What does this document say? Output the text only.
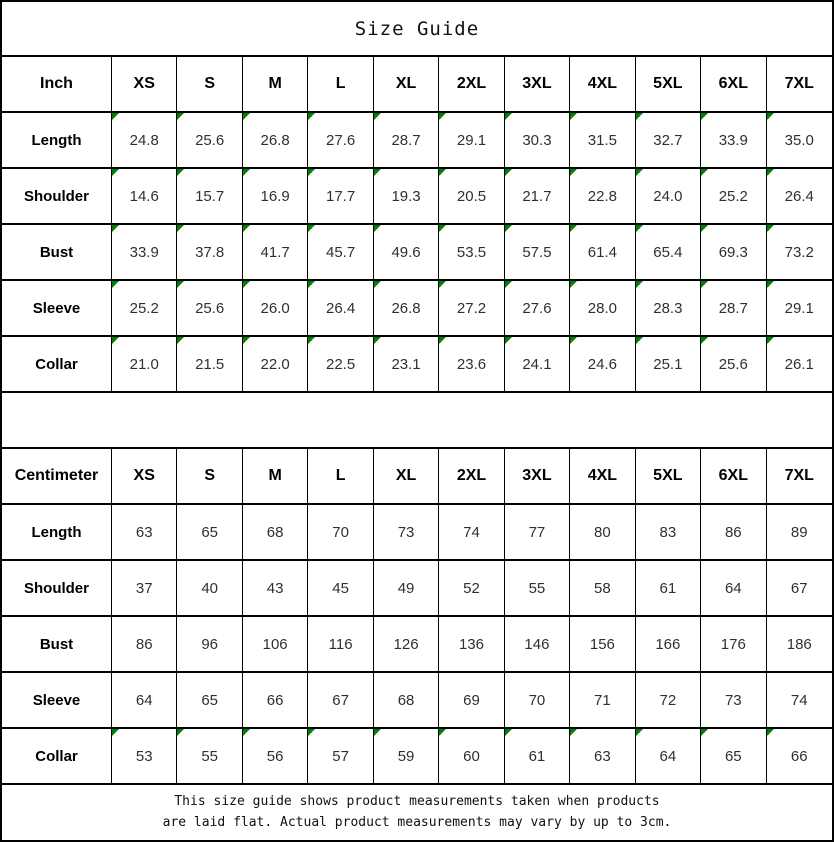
Size Guide
Inch	XS	S	M	L	XL	2XL 3XL 4XL 5XL 6XL 7XL
Length	24.8 25.6 26.8 27.6 28.7 29.1 30.3 31.5 32.7 33.9 35.0
Shoulder	14.6 15.7 16.9 17.7 19.3 20.5 21.7 22.8 24.0 25.2 26.4
Bust	33.9 37.8 41.7 45.7 49.6 53.5 57.5 61.4 65.4 69.3 73.2
Sleeve	25.2 25.6 26.0 26.4 26.8 27.2 27.6 28.0 28.3 28.7 29.1
Collar	21.0 21.5 22.0 22.5 23.1 23.6 24.1 24.6 25.1 25.6 26.1
Centimeter XS	S	M	L	XL	2XL 3XL 4XL 5XL 6XL 7XL
Length	63	65	68	70	73	74	77	80	83	86	89
Shoulder	37	40	43	45	49	52	55	58	61	64	67
Bust	86	96	106	116	126	136	146	156	166	176	186
Sleeve	64	65	66	67	68	69	70	71	72	73	74
Collar	53	55	56	57	59	60	61	63	64	65	66
This size guide shows product measurements taken when products
are laid flat. Actual product measurements may vary by up to 3cm.
